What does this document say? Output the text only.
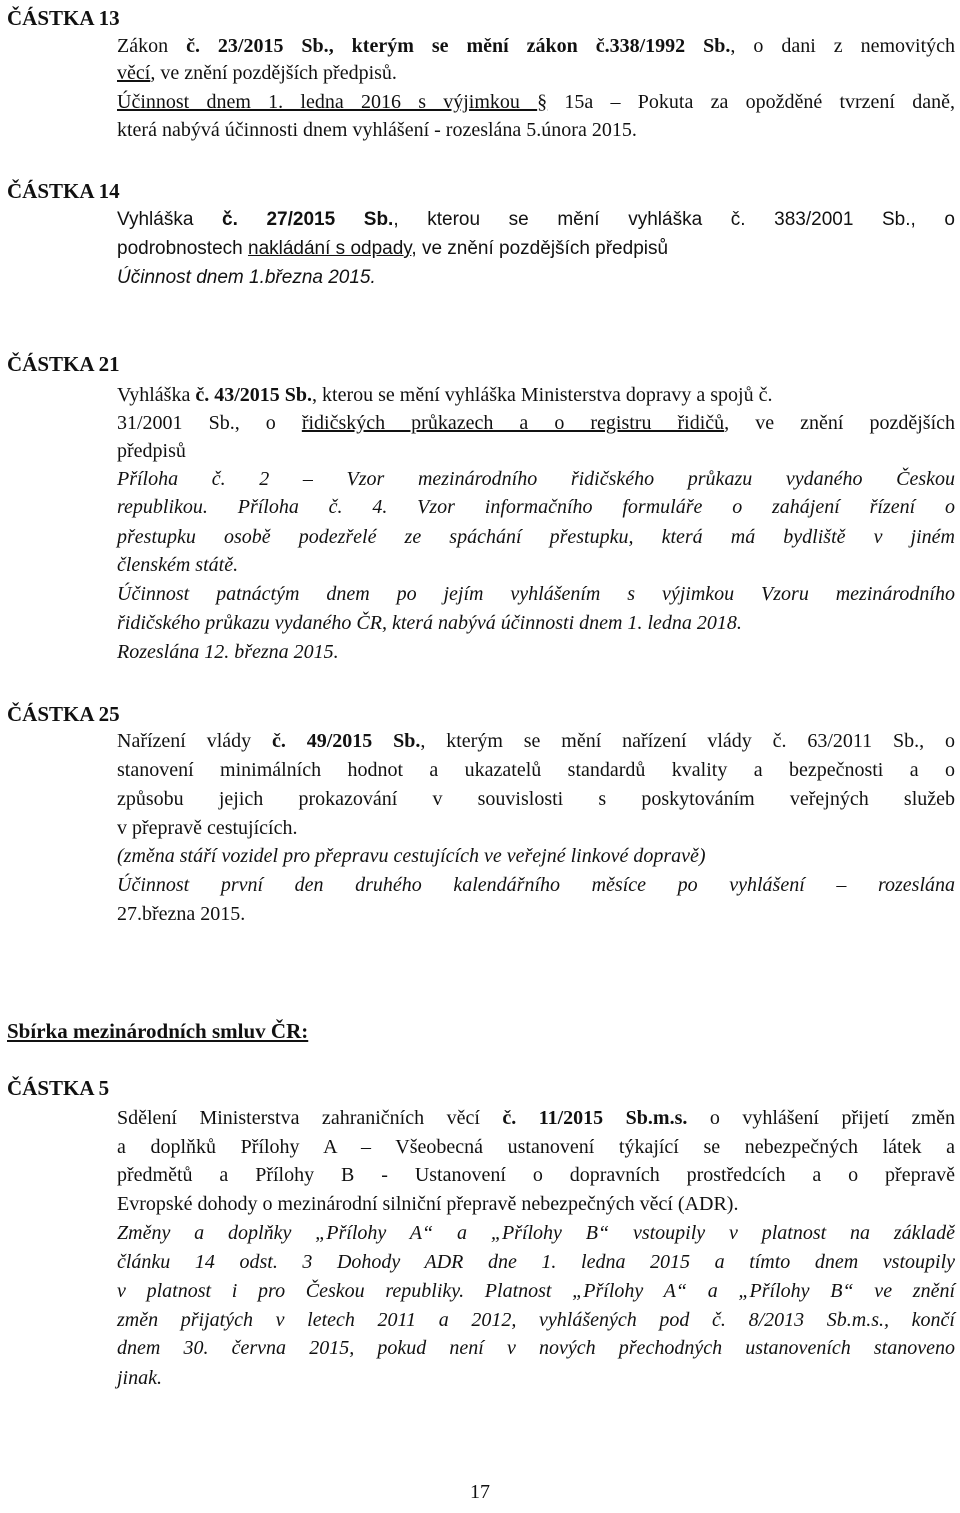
ČÁSTKA 13
Zákon č. 23/2015 Sb., kterým se mění zákon č.338/1992 Sb., o dani z nemovitých
věcí, ve znění pozdějších předpisů.
Účinnost dnem 1. ledna 2016 s výjimkou § 15a – Pokuta za opožděné tvrzení daně,
která nabývá účinnosti dnem vyhlášení - rozeslána 5.února 2015.
ČÁSTKA 14
Vyhláška č. 27/2015 Sb., kterou se mění vyhláška č. 383/2001 Sb., o
podrobnostech nakládání s odpady, ve znění pozdějších předpisů
Účinnost dnem 1.března 2015.
ČÁSTKA 21
Vyhláška č. 43/2015 Sb., kterou se mění vyhláška Ministerstva dopravy a spojů č.
31/2001 Sb., o řidičských průkazech a o registru řidičů, ve znění pozdějších
předpisů
Příloha č. 2 – Vzor mezinárodního řidičského průkazu vydaného Českou
republikou. Příloha č. 4. Vzor informačního formuláře o zahájení řízení o
přestupku osobě podezřelé ze spáchání přestupku, která má bydliště v jiném
členském státě.
Účinnost patnáctým dnem po jejím vyhlášením s výjimkou Vzoru mezinárodního
řidičského průkazu vydaného ČR, která nabývá účinnosti dnem 1. ledna 2018.
Rozeslána 12. března 2015.
ČÁSTKA 25
Nařízení vlády č. 49/2015 Sb., kterým se mění nařízení vlády č. 63/2011 Sb., o
stanovení minimálních hodnot a ukazatelů standardů kvality a bezpečnosti a o
způsobu jejich prokazování v souvislosti s poskytováním veřejných služeb
v přepravě cestujících.
(změna stáří vozidel pro přepravu cestujících ve veřejné linkové dopravě)
Účinnost první den druhého kalendářního měsíce po vyhlášení – rozeslána
27.března 2015.
Sbírka mezinárodních smluv ČR:
ČÁSTKA 5
Sdělení Ministerstva zahraničních věcí č. 11/2015 Sb.m.s. o vyhlášení přijetí změn
a doplňků Přílohy A – Všeobecná ustanovení týkající se nebezpečných látek a
předmětů a Přílohy B - Ustanovení o dopravních prostředcích a o přepravě
Evropské dohody o mezinárodní silniční přepravě nebezpečných věcí (ADR).
Změny a doplňky „Přílohy A“ a „Přílohy B“ vstoupily v platnost na základě
článku 14 odst. 3 Dohody ADR dne 1. ledna 2015 a tímto dnem vstoupily
v platnost i pro Českou republiky. Platnost „Přílohy A“ a „Přílohy B“ ve znění
změn přijatých v letech 2011 a 2012, vyhlášených pod č. 8/2013 Sb.m.s., končí
dnem 30. června 2015, pokud není v nových přechodných ustanoveních stanoveno
jinak.
17
